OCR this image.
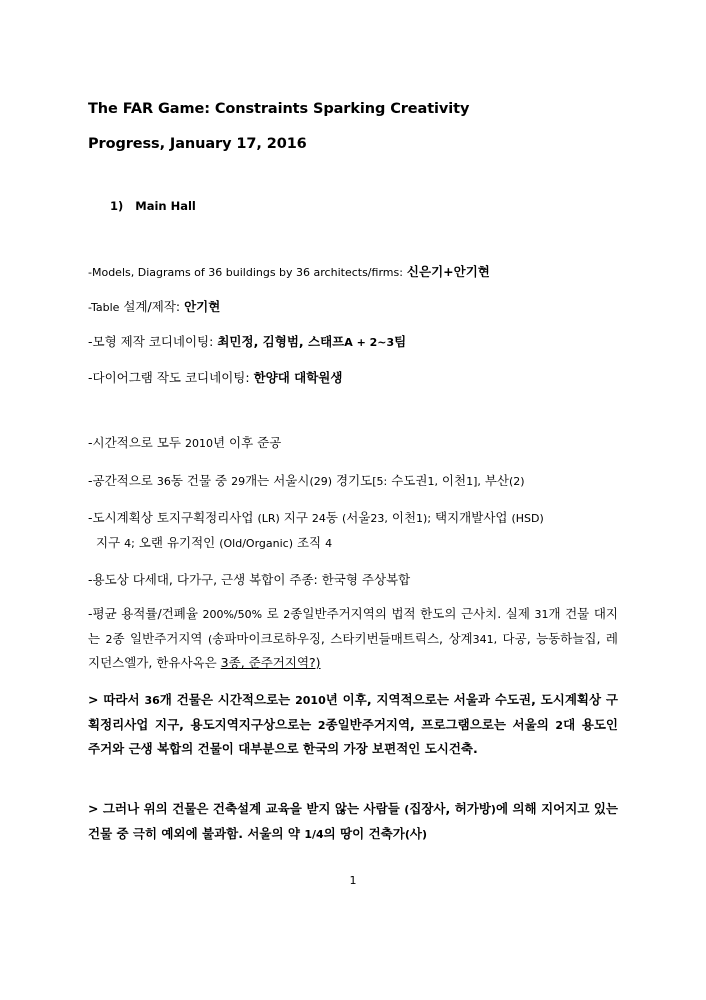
The FAR Game: Constraints Sparking Creativity
Progress, January 17, 2016
1) Main Hall
-Models, Diagrams of 36 buildings by 36 architects/firms: 신은기+안기현
-Table 설계/제작: 안기현
-모형 제작 코디네이팅: 최민정, 김형범, 스태프A + 2~3팀
-다이어그램 작도 코디네이팅: 한양대 대학원생
-시간적으로 모두 2010년 이후 준공
-공간적으로 36동 건물 중 29개는 서울시(29) 경기도[5: 수도권1, 이천1], 부산(2)
-도시계획상 토지구획정리사업 (LR) 지구 24동 (서울23, 이천1); 택지개발사업 (HSD)
지구 4; 오랜 유기적인 (Old/Organic) 조직 4
-용도상 다세대, 다가구, 근생 복합이 주종: 한국형 주상복합
-평균 용적률/건폐율 200%/50% 로 2종일반주거지역의 법적 한도의 근사치. 실제 31개 건물 대지는 2종 일반주거지역 (송파마이크로하우징, 스타키번들매트릭스, 상계341, 다공, 능동하늘집, 레지던스엘가, 한유사옥은 3종, 준주거지역?)
> 따라서 36개 건물은 시간적으로는 2010년 이후, 지역적으로는 서울과 수도권, 도시계획상 구획정리사업 지구, 용도지역지구상으로는 2종일반주거지역, 프로그램으로는 서울의 2대 용도인 주거와 근생 복합의 건물이 대부분으로 한국의 가장 보편적인 도시건축.
> 그러나 위의 건물은 건축설계 교육을 받지 않는 사람들 (집장사, 허가방)에 의해 지어지고 있는 건물 중 극히 예외에 불과함. 서울의 약 1/4의 땅이 건축가(사)
1
